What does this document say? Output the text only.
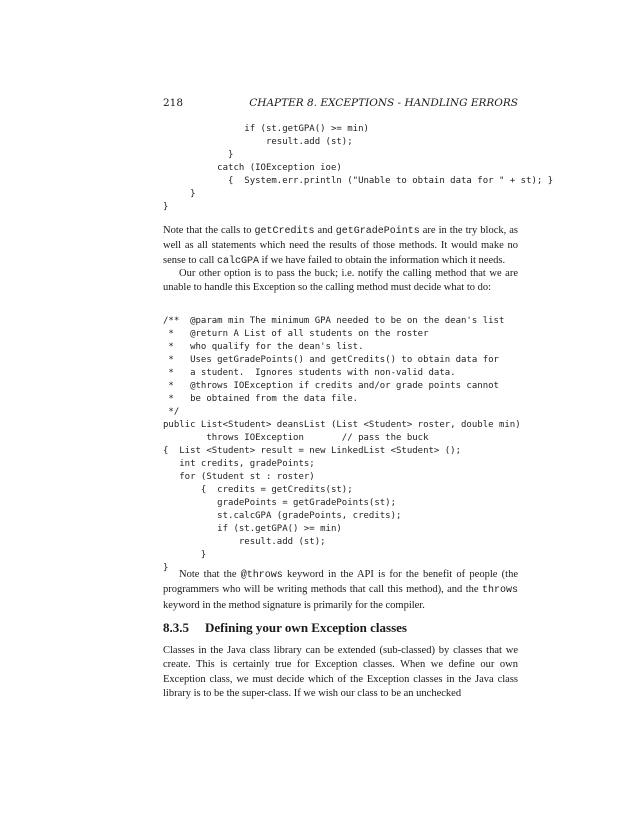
218	CHAPTER 8. EXCEPTIONS - HANDLING ERRORS
if (st.getGPA() >= min)
result.add (st);
}
catch (IOException ioe)
{  System.err.println ("Unable to obtain data for " + st); }
}
}

Note that the calls to getCredits and getGradePoints are in the try block, as well as all statements which need the results of those methods. It would make no sense to call calcGPA if we have failed to obtain the information which it needs.

Our other option is to pass the buck; i.e. notify the calling method that we are unable to handle this Exception so the calling method must decide what to do:

/**  @param min The minimum GPA needed to be on the dean's list
*   @return A List of all students on the roster
*   who qualify for the dean's list.
*   Uses getGradePoints() and getCredits() to obtain data for
*   a student.  Ignores students with non-valid data.
*   @throws IOException if credits and/or grade points cannot
*   be obtained from the data file.
*/
public List<Student> deansList (List <Student> roster, double min)
throws IOException       // pass the buck
{  List <Student> result = new LinkedList <Student> ();
int credits, gradePoints;
for (Student st : roster)
{  credits = getCredits(st);
gradePoints = getGradePoints(st);
st.calcGPA (gradePoints, credits);
if (st.getGPA() >= min)
result.add (st);
}
}

Note that the @throws keyword in the API is for the benefit of people (the programmers who will be writing methods that call this method), and the throws keyword in the method signature is primarily for the compiler.

8.3.5 Defining your own Exception classes

Classes in the Java class library can be extended (sub-classed) by classes that we create. This is certainly true for Exception classes. When we define our own Exception class, we must decide which of the Exception classes in the Java class library is to be the super-class. If we wish our class to be an unchecked
